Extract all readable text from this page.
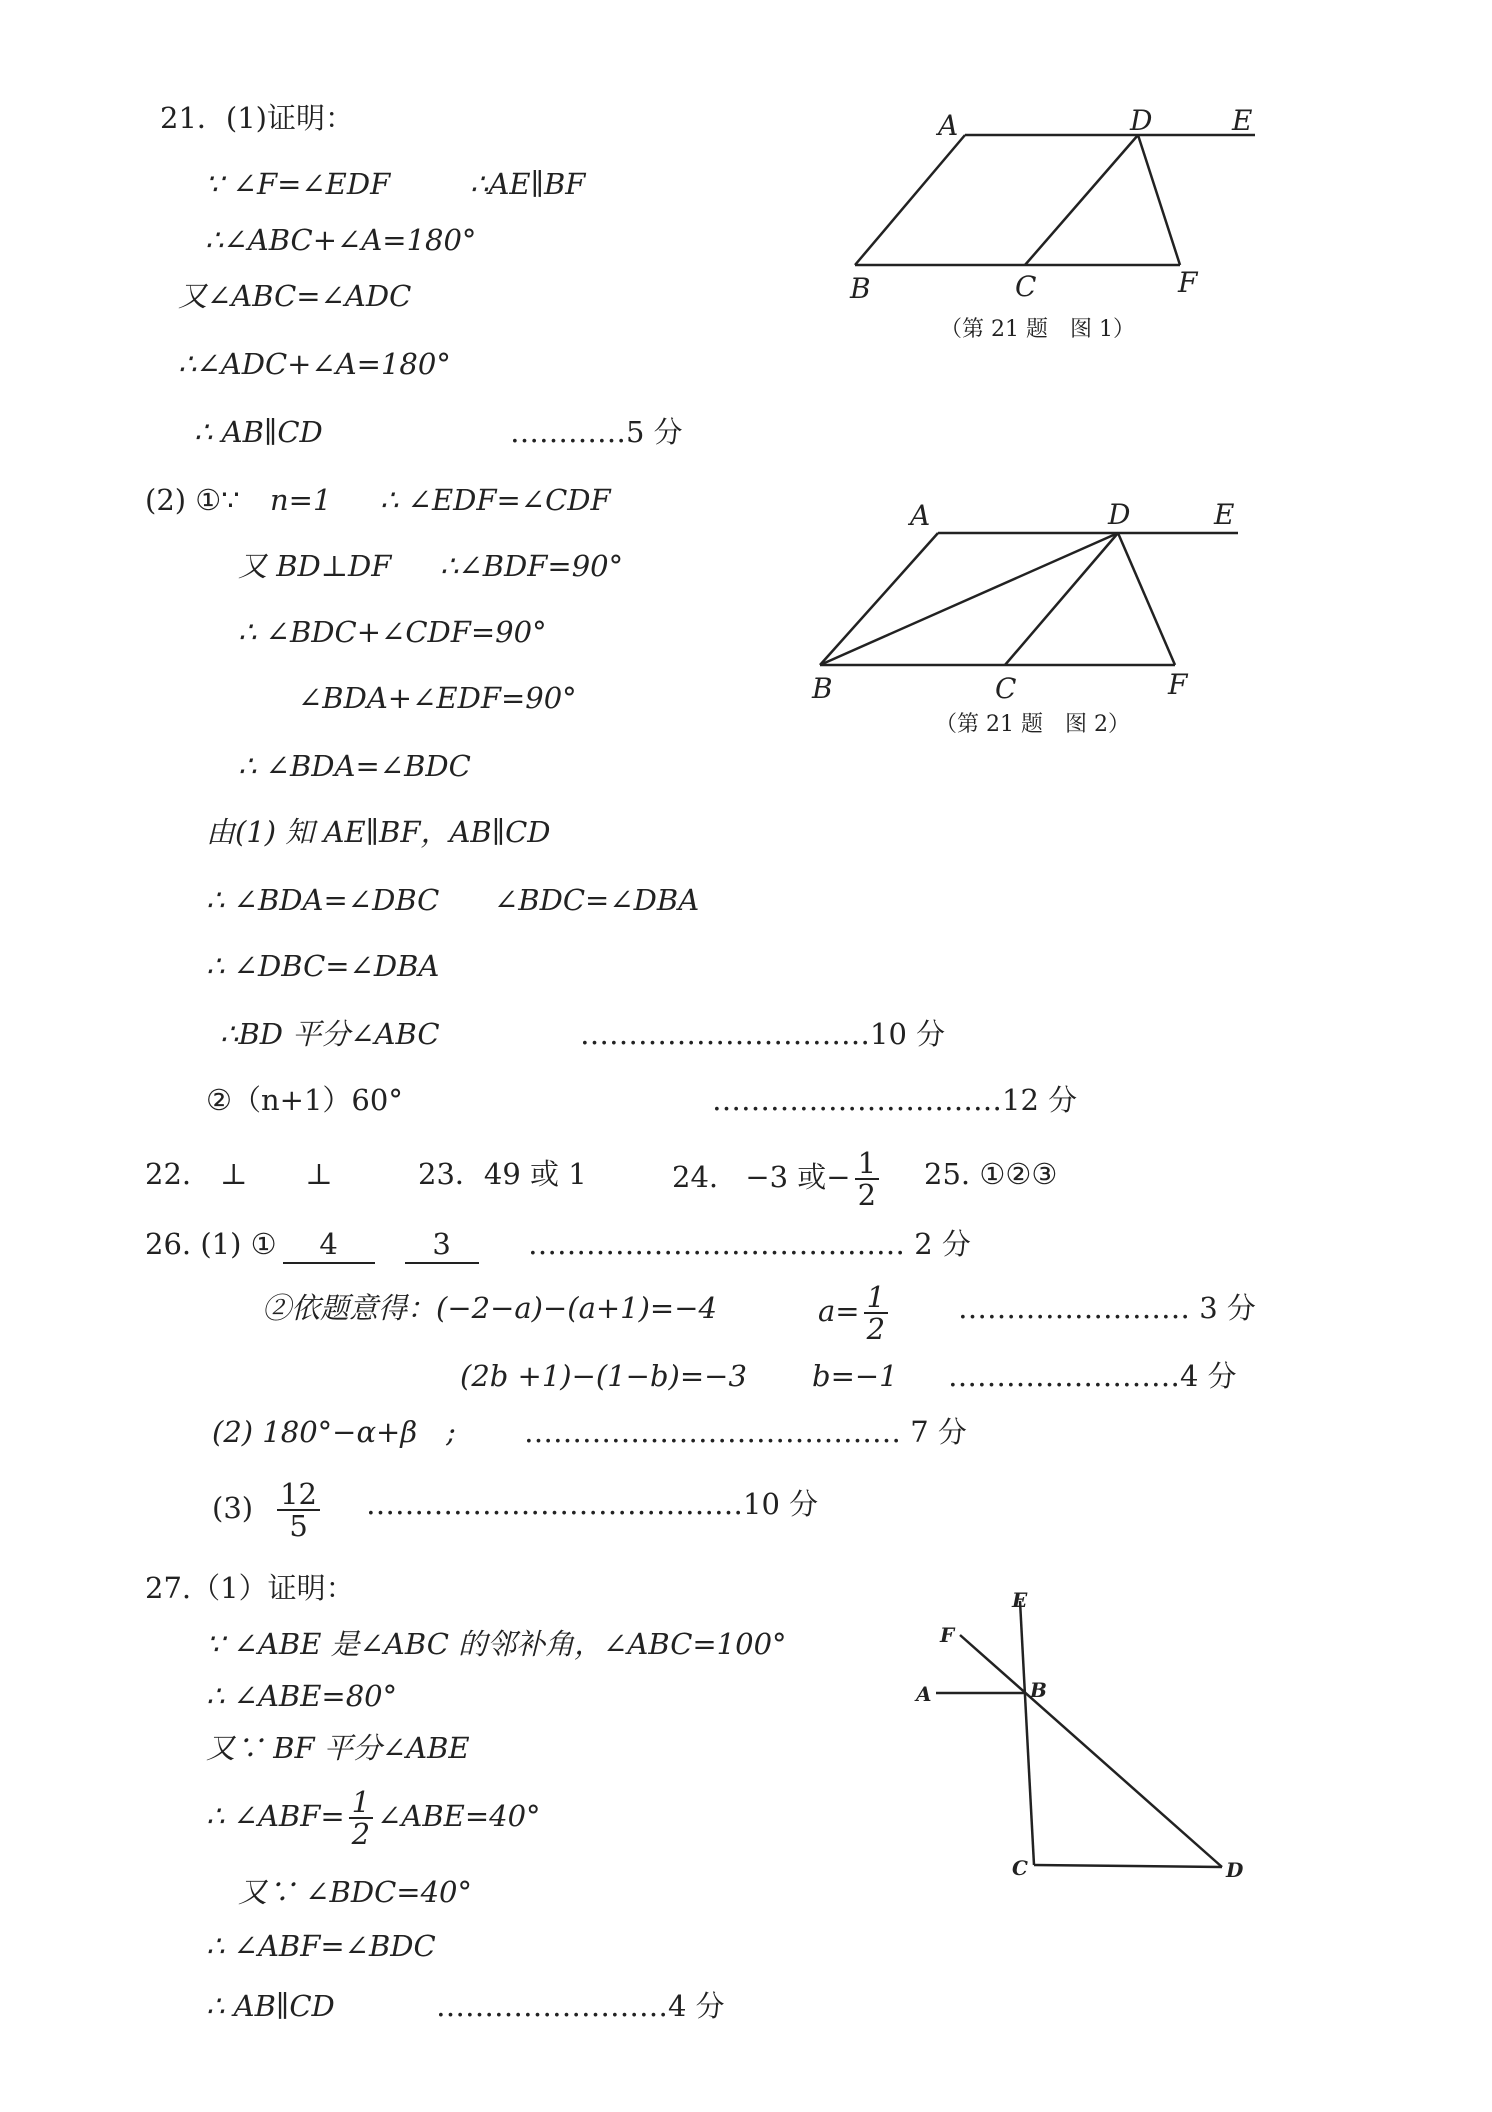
21．(1)证明：
∵ ∠F=∠EDF	∴AE∥BF
∴∠ABC+∠A=180°
又∠ABC=∠ADC
∴∠ADC+∠A=180°
∴ AB∥CD	…………5 分
(2) ①∵ n=1 ∴ ∠EDF=∠CDF
又 BD⊥DF ∴∠BDF=90°
∴ ∠BDC+∠CDF=90°
∠BDA+∠EDF=90°
∴ ∠BDA=∠BDC
由(1) 知 AE∥BF，AB∥CD
∴ ∠BDA=∠DBC ∠BDC=∠DBA
∴ ∠DBC=∠DBA
∴BD 平分∠ABC	…………………………10 分
②（n+1）60°	…………………………12 分
A	D	E
B	C	F
（第 21 题　图 1）
A	D	E
B	C	F
（第 21 题　图 2）
22.　⊥　　⊥	23．49 或 1	24. −3 或− $\frac{1}{2} 25$. ①②③
26. (1) ① 4	3	………………………………… 2 分
②依题意得：(−2−a)−(a+1)=−4	$a= \frac{1}{2}$ …………………… 3 分
(2b +1)−(1−b)=−3 b=−1 ……………………4 分
(2) 180°−α+β　; ………………………………… 7 分
$(3) \frac{12}{5}$ …………………………………10 分
27.（1）证明：
∵ ∠ABE 是∠ABC 的邻补角，∠ABC=100°
∴ ∠ABE=80°
又∵ BF 平分∠ABE
∴ ∠ABF= $\frac{1}{2}$ ∠ABE=40°
又∵ ∠BDC=40°
∴ ∠ABF=∠BDC
∴ AB∥CD	……………………4 分
E
F
A	B
C	D
